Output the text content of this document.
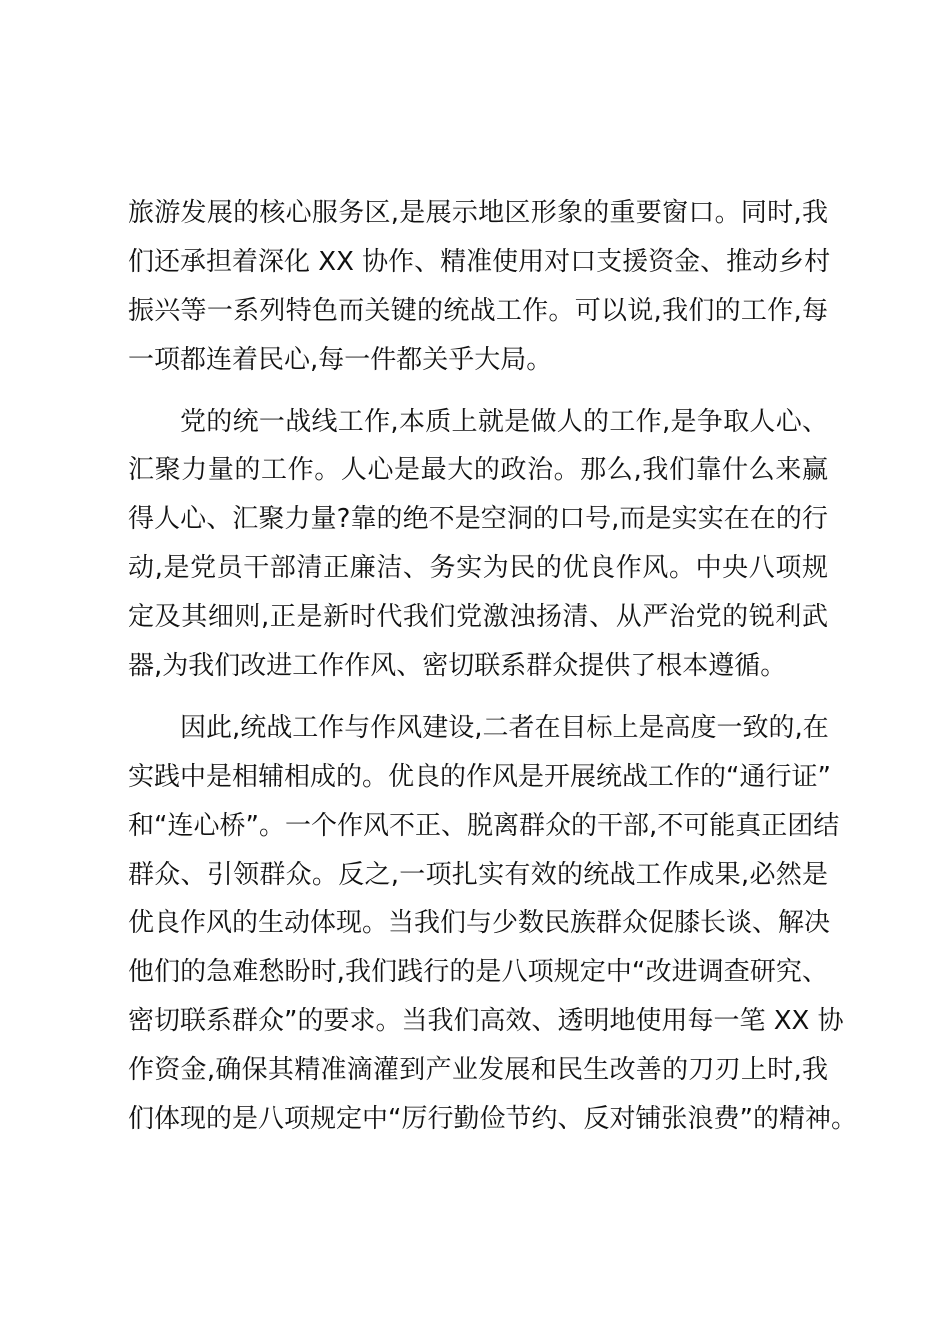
旅游发展的核心服务区,是展示地区形象的重要窗口。同时,我
们还承担着深化 XX 协作、精准使用对口支援资金、推动乡村
振兴等一系列特色而关键的统战工作。可以说,我们的工作,每
一项都连着民心,每一件都关乎大局。
党的统一战线工作,本质上就是做人的工作,是争取人心、
汇聚力量的工作。人心是最大的政治。那么,我们靠什么来赢
得人心、汇聚力量?靠的绝不是空洞的口号,而是实实在在的行
动,是党员干部清正廉洁、务实为民的优良作风。中央八项规
定及其细则,正是新时代我们党激浊扬清、从严治党的锐利武
器,为我们改进工作作风、密切联系群众提供了根本遵循。
因此,统战工作与作风建设,二者在目标上是高度一致的,在
实践中是相辅相成的。优良的作风是开展统战工作的“通行证”
和“连心桥”。一个作风不正、脱离群众的干部,不可能真正团结
群众、引领群众。反之,一项扎实有效的统战工作成果,必然是
优良作风的生动体现。当我们与少数民族群众促膝长谈、解决
他们的急难愁盼时,我们践行的是八项规定中“改进调查研究、
密切联系群众”的要求。当我们高效、透明地使用每一笔 XX 协
作资金,确保其精准滴灌到产业发展和民生改善的刀刃上时,我
们体现的是八项规定中“厉行勤俭节约、反对铺张浪费”的精神。
